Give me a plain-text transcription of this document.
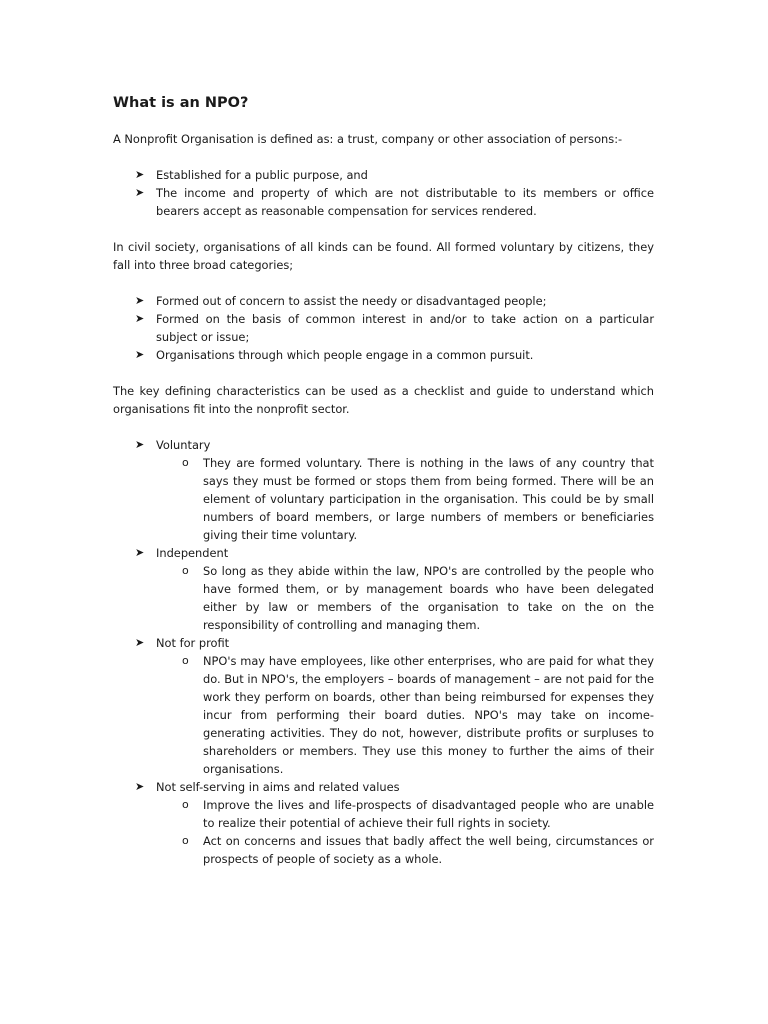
What is an NPO?

A Nonprofit Organisation is defined as: a trust, company or other association of persons:-

➤ Established for a public purpose, and
➤ The income and property of which are not distributable to its members or office bearers accept as reasonable compensation for services rendered.

In civil society, organisations of all kinds can be found. All formed voluntary by citizens, they fall into three broad categories;

➤ Formed out of concern to assist the needy or disadvantaged people;
➤ Formed on the basis of common interest in and/or to take action on a particular subject or issue;
➤ Organisations through which people engage in a common pursuit.

The key defining characteristics can be used as a checklist and guide to understand which organisations fit into the nonprofit sector.

➤ Voluntary
o They are formed voluntary. There is nothing in the laws of any country that says they must be formed or stops them from being formed. There will be an element of voluntary participation in the organisation. This could be by small numbers of board members, or large numbers of members or beneficiaries giving their time voluntary.
➤ Independent
o So long as they abide within the law, NPO's are controlled by the people who have formed them, or by management boards who have been delegated either by law or members of the organisation to take on the on the responsibility of controlling and managing them.
➤ Not for profit
o NPO's may have employees, like other enterprises, who are paid for what they do. But in NPO's, the employers – boards of management – are not paid for the work they perform on boards, other than being reimbursed for expenses they incur from performing their board duties. NPO's may take on income-generating activities. They do not, however, distribute profits or surpluses to shareholders or members. They use this money to further the aims of their organisations.
➤ Not self-serving in aims and related values
o Improve the lives and life-prospects of disadvantaged people who are unable to realize their potential of achieve their full rights in society.
o Act on concerns and issues that badly affect the well being, circumstances or prospects of people of society as a whole.
